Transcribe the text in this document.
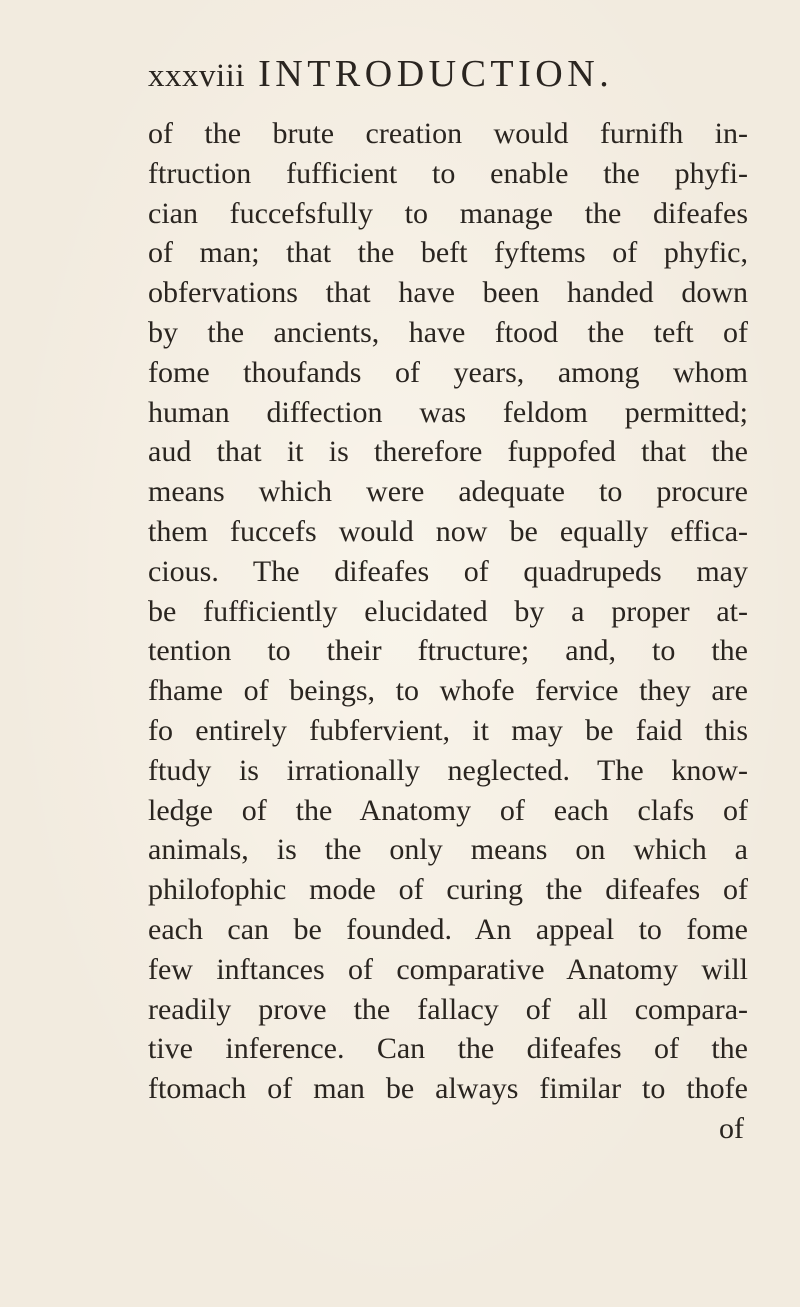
xxxviii INTRODUCTION.
of the brute creation would furnifh in-
ftruction fufficient to enable the phyfi-
cian fuccefsfully to manage the difeafes
of man; that the beft fyftems of phyfic,
obfervations that have been handed down
by the ancients, have ftood the teft of
fome thoufands of years, among whom
human diffection was feldom permitted;
aud that it is therefore fuppofed that the
means which were adequate to procure
them fuccefs would now be equally effica-
cious. The difeafes of quadrupeds may
be fufficiently elucidated by a proper at-
tention to their ftructure; and, to the
fhame of beings, to whofe fervice they are
fo entirely fubfervient, it may be faid this
ftudy is irrationally neglected. The know-
ledge of the Anatomy of each clafs of
animals, is the only means on which a
philofophic mode of curing the difeafes of
each can be founded. An appeal to fome
few inftances of comparative Anatomy will
readily prove the fallacy of all compara-
tive inference. Can the difeafes of the
ftomach of man be always fimilar to thofe
of
